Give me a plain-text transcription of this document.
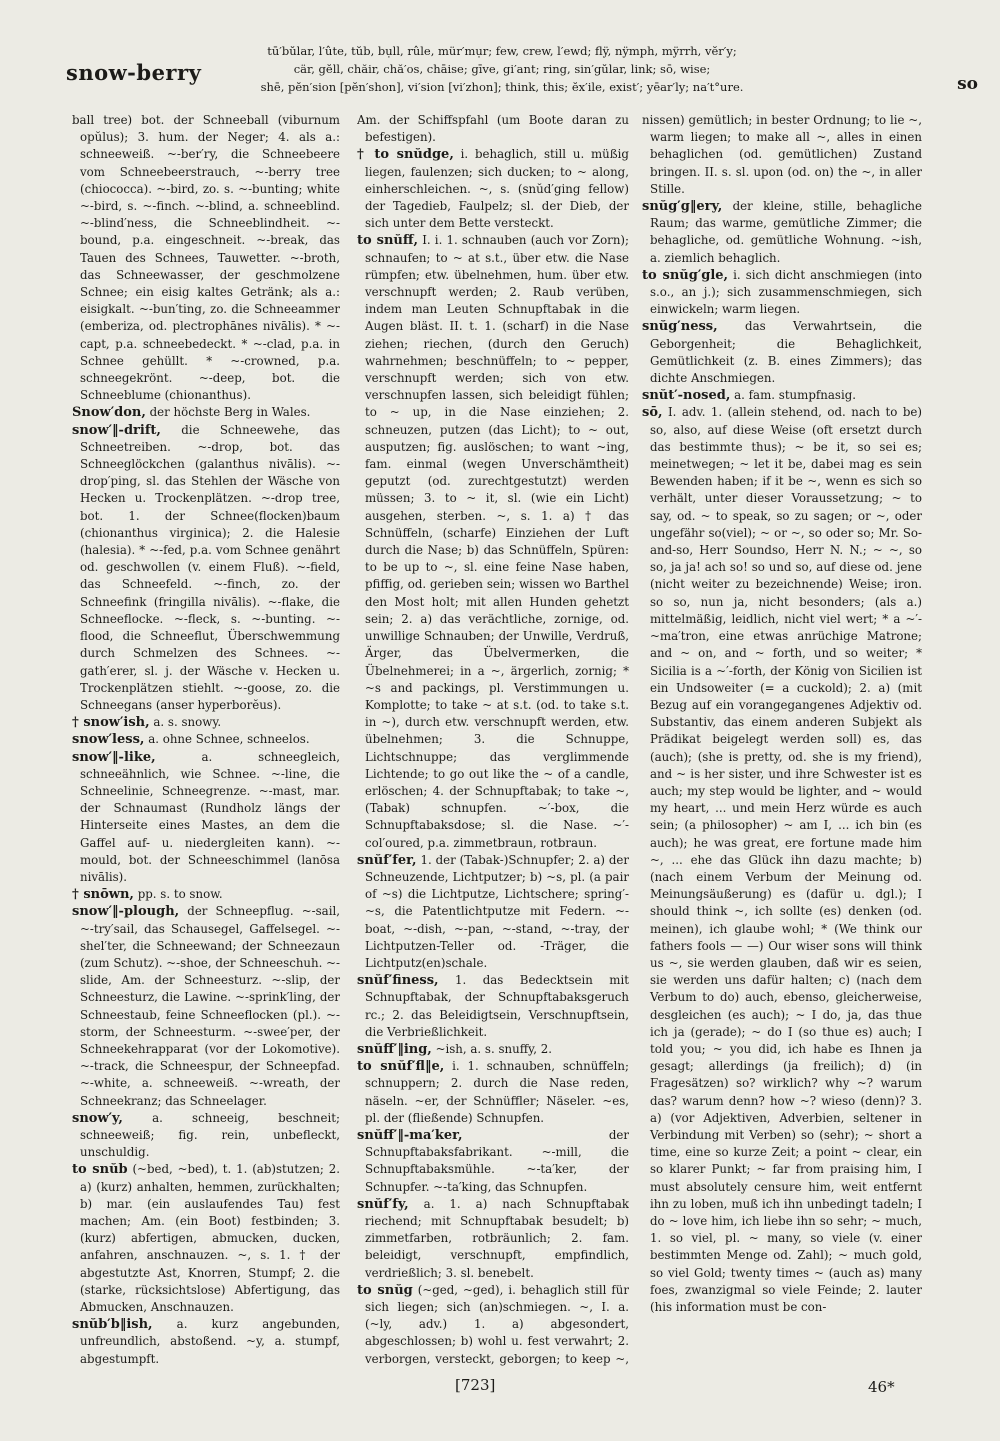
snow-berry
tū′bŭlar, l′ûte, tŭb, bụll, rûle, mür′mụr; few, crew, l′ewd; flÿ, nÿmph, mÿrrh, vĕr′y;
cär, gĕll, chăir, chă′os, chāise; gīve, gi′ant; ring, sin′gŭlar, link; sō, wise;
shē, pĕn′sion [pĕn′shon], vi′sion [vi′zhon]; think, this; ĕx′ile, exist′; yēar′ly; na′t°ure.	so

ball tree) bot. der Schneeball (viburnum opŭlus); 3. hum. der Neger; 4. als a.: schneeweiß. ~-ber′ry, die Schneebeere vom Schneebeerstrauch, ~-berry tree (chiococca). ~-bird, zo. s. ~-bunting; white ~-bird, s. ~-finch. ~-blind, a. schneeblind. ~-blind′ness, die Schneeblindheit. ~-bound, p.a. eingeschneit. ~-break, das Tauen des Schnees, Tauwetter. ~-broth, das Schneewasser, der geschmolzene Schnee; ein eisig kaltes Getränk; als a.: eisigkalt. ~-bun′ting, zo. die Schneeammer (emberiza, od. plectrophānes nivālis). * ~-capt, p.a. schneebedeckt. * ~-clad, p.a. in Schnee gehüllt. * ~-crowned, p.a. schneegekrönt. ~-deep, bot. die Schneeblume (chionanthus).

Snow′don, der höchste Berg in Wales.

snow′‖-drift, die Schneewehe, das Schneetreiben. ~-drop, bot. das Schneeglöckchen (galanthus nivālis). ~-drop′ping, sl. das Stehlen der Wäsche von Hecken u. Trockenplätzen. ~-drop tree, bot. 1. der Schnee(flocken)baum (chionanthus virginica); 2. die Halesie (halesia). * ~-fed, p.a. vom Schnee genährt od. geschwollen (v. einem Fluß). ~-field, das Schneefeld. ~-finch, zo. der Schneefink (fringilla nivālis). ~-flake, die Schneeflocke. ~-fleck, s. ~-bunting. ~-flood, die Schneeflut, Überschwemmung durch Schmelzen des Schnees. ~-gath′erer, sl. j. der Wäsche v. Hecken u. Trockenplätzen stiehlt. ~-goose, zo. die Schneegans (anser hyperborĕus).

† snow′ish, a. s. snowy.

snow′less, a. ohne Schnee, schneelos.

snow′‖-like,	a. schneegleich, schneeähnlich, wie Schnee. ~-line, die Schneelinie, Schneegrenze. ~-mast, mar. der Schnaumast (Rundholz längs der Hinterseite eines Mastes, an dem die Gaffel auf- u. niedergleiten kann). ~-mould, bot. der Schneeschimmel (lanōsa nivālis).

† snōwn, pp. s. to snow.

snow′‖-plough, der Schneepflug. ~-sail, ~-try′sail, das Schausegel, Gaffelsegel. ~-shel′ter, die Schneewand; der Schneezaun (zum Schutz). ~-shoe, der Schneeschuh. ~-slide, Am. der Schneesturz. ~-slip, der Schneesturz, die Lawine. ~-sprink′ling, der Schneestaub, feine Schneeflocken (pl.). ~-storm, der Schneesturm. ~-swee′per, der Schneekehrapparat (vor der Lokomotive). ~-track, die Schneespur, der Schneepfad. ~-white, a. schneeweiß. ~-wreath, der Schneekranz; das Schneelager.

snow′y, a. schneeig, beschneit; schneeweiß; fig. rein, unbefleckt, unschuldig.

to snŭb (~bed, ~bed), t. 1. (ab)stutzen; 2. a) (kurz) anhalten, hemmen, zurückhalten; b) mar. (ein auslaufendes Tau) fest machen; Am. (ein Boot) festbinden; 3. (kurz) abfertigen, abmucken, ducken, anfahren, anschnauzen. ~, s. 1. † der abgestutzte Ast, Knorren, Stumpf; 2. die (starke, rücksichtslose) Abfertigung, das Abmucken, Anschnauzen.

snŭb′b‖ish, a. kurz angebunden, unfreundlich, abstoßend. ~y, a. stumpf, abgestumpft.

Am. der Schiffspfahl (um Boote daran zu befestigen).

† to snŭdge, i. behaglich, still u. müßig liegen, faulenzen; sich ducken; to ~ along, einherschleichen. ~, s. (snŭd′ging fellow) der Tagedieb, Faulpelz; sl. der Dieb, der sich unter dem Bette versteckt.

to snŭff, I. i. 1. schnauben (auch vor Zorn); schnaufen; to ~ at s.t., über etw. die Nase rümpfen; etw. übelnehmen, hum. über etw. verschnupft werden; 2. Raub verüben, indem man Leuten Schnupftabak in die Augen bläst. II. t. 1. (scharf) in die Nase ziehen; riechen, (durch den Geruch) wahrnehmen; beschnüffeln; to ~ pepper, verschnupft werden; sich von etw. verschnupfen lassen, sich beleidigt fühlen; to ~ up, in die Nase einziehen; 2. schneuzen, putzen (das Licht); to ~ out, ausputzen; fig. auslöschen; to want ~ing, fam. einmal (wegen Unverschämtheit) geputzt (od. zurechtgestutzt) werden müssen; 3. to ~ it, sl. (wie ein Licht) ausgehen, sterben. ~, s. 1. a) † das Schnüffeln, (scharfe) Einziehen der Luft durch die Nase; b) das Schnüffeln, Spüren: to be up to ~, sl. eine feine Nase haben, pfiffig, od. gerieben sein; wissen wo Barthel den Most holt; mit allen Hunden gehetzt sein; 2. a) das verächtliche, zornige, od. unwillige Schnauben; der Unwille, Verdruß, Ärger, das Übelvermerken, die Übelnehmerei; in a ~, ärgerlich, zornig; * ~s and packings, pl. Verstimmungen u. Komplotte; to take ~ at s.t. (od. to take s.t. in ~), durch etw. verschnupft werden, etw. übelnehmen; 3. die Schnuppe, Lichtschnuppe; das verglimmende Lichtende; to go out like the ~ of a candle, erlöschen; 4. der Schnupftabak; to take ~, (Tabak) schnupfen. ~′-box, die Schnupftabaksdose; sl. die Nase. ~′-col′oured, p.a. zimmetbraun, rotbraun.

snŭf′fer, 1. der (Tabak-)Schnupfer; 2. a) der Schneuzende, Lichtputzer; b) ~s, pl. (a pair of ~s) die Lichtputze, Lichtschere; spring′-~s, die Patentlichtputze mit Federn. ~-boat, ~-dish, ~-pan, ~-stand, ~-tray, der Lichtputzen-Teller od. -Träger, die Lichtputz(en)schale.

snŭf′finess, 1. das Bedecktsein mit Schnupftabak, der Schnupftabaksgeruch rc.; 2. das Beleidigtsein, Verschnupftsein, die Verbrießlichkeit.

snŭff′‖ing, ~ish, a. s. snuffy, 2.

to snŭf′fl‖e, i. 1. schnauben, schnüffeln; schnuppern; 2. durch die Nase reden, näseln. ~er, der Schnüffler; Näseler. ~es, pl. der (fließende) Schnupfen.

snŭff′‖-ma′ker,	der Schnupftabaksfabrikant. ~-mill, die Schnupftabaksmühle. ~-ta′ker, der Schnupfer. ~-ta′king, das Schnupfen.

snŭf′fy, a. 1. a) nach Schnupftabak riechend; mit Schnupftabak besudelt; b) zimmetfarben, rotbräunlich; 2. fam. beleidigt, verschnupft, empfindlich, verdrießlich; 3. sl. benebelt.

to snŭg (~ged, ~ged), i. behaglich still für sich liegen; sich (an)schmiegen. ~, I. a. (~ly, adv.) 1. a) abgesondert, abgeschlossen; b) wohl u. fest verwahrt; 2. verborgen, versteckt, geborgen; to keep ~,

nissen) gemütlich; in bester Ordnung; to lie ~, warm liegen; to make all ~, alles in einen behaglichen (od. gemütlichen) Zustand bringen. II. s. sl. upon (od. on) the ~, in aller Stille.

snŭg′g‖ery, der kleine, stille, behagliche Raum; das warme, gemütliche Zimmer; die behagliche, od. gemütliche Wohnung. ~ish, a. ziemlich behaglich.

to snŭg′gle, i. sich dicht anschmiegen (into s.o., an j.); sich zusammenschmiegen, sich einwickeln; warm liegen.

snŭg′ness, das Verwahrtsein, die Geborgenheit; die Behaglichkeit, Gemütlichkeit (z. B. eines Zimmers); das dichte Anschmiegen.

snŭt′-nosed, a. fam. stumpfnasig.

sō, I. adv. 1. (allein stehend, od. nach to be) so, also, auf diese Weise (oft ersetzt durch das bestimmte thus); ~ be it, so sei es; meinetwegen; ~ let it be, dabei mag es sein Bewenden haben; if it be ~, wenn es sich so verhält, unter dieser Voraussetzung; ~ to say, od. ~ to speak, so zu sagen; or ~, oder ungefähr so(viel); ~ or ~, so oder so; Mr. So-and-so, Herr Soundso, Herr N. N.; ~ ~, so so, ja ja! ach so! so und so, auf diese od. jene (nicht weiter zu bezeichnende) Weise; iron. so so, nun ja, nicht besonders; (als a.) mittelmäßig, leidlich, nicht viel wert; * a ~′-~ma′tron, eine etwas anrüchige Matrone; and ~ on, and ~ forth, und so weiter; * Sicilia is a ~′-forth, der König von Sicilien ist ein Undsoweiter (= a cuckold); 2. a) (mit Bezug auf ein vorangegangenes Adjektiv od. Substantiv, das einem anderen Subjekt als Prädikat beigelegt werden soll) es, das (auch); (she is pretty, od. she is my friend), and ~ is her sister, und ihre Schwester ist es auch; my step would be lighter, and ~ would my heart, ... und mein Herz würde es auch sein; (a philosopher) ~ am I, ... ich bin (es auch); he was great, ere fortune made him ~, ... ehe das Glück ihn dazu machte; b) (nach einem Verbum der Meinung od. Meinungsäußerung) es (dafür u. dgl.); I should think ~, ich sollte (es) denken (od. meinen), ich glaube wohl; * (We think our fathers fools — —) Our wiser sons will think us ~, sie werden glauben, daß wir es seien, sie werden uns dafür halten; c) (nach dem Verbum to do) auch, ebenso, gleicherweise, desgleichen (es auch); ~ I do, ja, das thue ich ja (gerade); ~ do I (so thue es) auch; I told you; ~ you did, ich habe es Ihnen ja gesagt; allerdings (ja freilich); d) (in Fragesätzen) so? wirklich? why ~? warum das? warum denn? how ~? wieso (denn)? 3. a) (vor Adjektiven, Adverbien, seltener in Verbindung mit Verben) so (sehr); ~ short a time, eine so kurze Zeit; a point ~ clear, ein so klarer Punkt; ~ far from praising him, I must absolutely censure him, weit entfernt ihn zu loben, muß ich ihn unbedingt tadeln; I do ~ love him, ich liebe ihn so sehr; ~ much, 1. so viel, pl. ~ many, so viele (v. einer bestimmten Menge od. Zahl); ~ much gold, so viel Gold; twenty times ~ (auch as) many foes, zwanzigmal so viele Feinde; 2. lauter (his information must be con-

[723]	46*
